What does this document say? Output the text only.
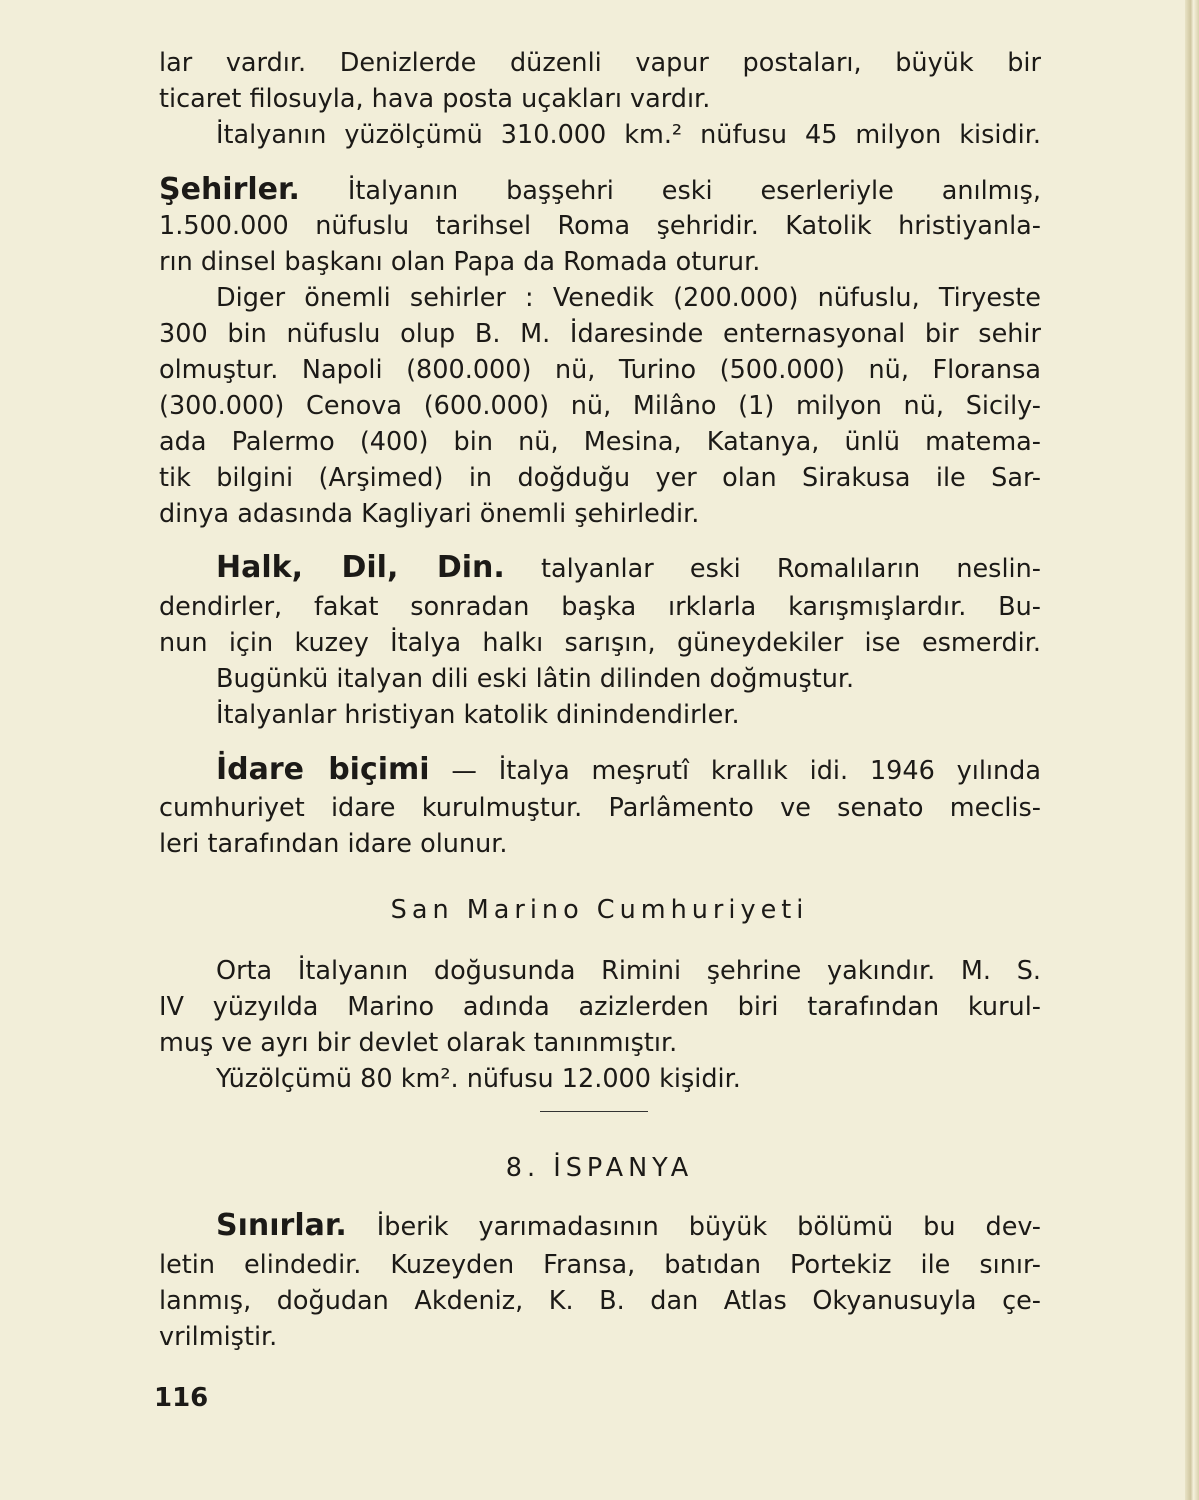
lar vardır. Denizlerde düzenli vapur postaları, büyük bir
ticaret filosuyla, hava posta uçakları vardır.
İtalyanın yüzölçümü 310.000 km.² nüfusu 45 milyon kisidir.
Şehirler. İtalyanın başşehri eski eserleriyle anılmış,
1.500.000 nüfuslu tarihsel Roma şehridir. Katolik hristiyanla-
rın dinsel başkanı olan Papa da Romada oturur.
Diger önemli sehirler : Venedik (200.000) nüfuslu, Tiryeste
300 bin nüfuslu olup B. M. İdaresinde enternasyonal bir sehir
olmuştur. Napoli (800.000) nü, Turino (500.000) nü, Floransa
(300.000) Cenova (600.000) nü, Milâno (1) milyon nü, Sicily-
ada Palermo (400) bin nü, Mesina, Katanya, ünlü matema-
tik bilgini (Arşimed) in doğduğu yer olan Sirakusa ile Sar-
dinya adasında Kagliyari önemli şehirledir.
Halk, Dil, Din. talyanlar eski Romalıların neslin-
dendirler, fakat sonradan başka ırklarla karışmışlardır. Bu-
nun için kuzey İtalya halkı sarışın, güneydekiler ise esmerdir.
Bugünkü italyan dili eski lâtin dilinden doğmuştur.
İtalyanlar hristiyan katolik dinindendirler.
İdare biçimi — İtalya meşrutî krallık idi. 1946 yılında
cumhuriyet idare kurulmuştur. Parlâmento ve senato meclis-
leri tarafından idare olunur.
San Marino Cumhuriyeti
Orta İtalyanın doğusunda Rimini şehrine yakındır. M. S.
IV yüzyılda Marino adında azizlerden biri tarafından kurul-
muş ve ayrı bir devlet olarak tanınmıştır.
Yüzölçümü 80 km². nüfusu 12.000 kişidir.
8. İSPANYA
Sınırlar. İberik yarımadasının büyük bölümü bu dev-
letin elindedir. Kuzeyden Fransa, batıdan Portekiz ile sınır-
lanmış, doğudan Akdeniz, K. B. dan Atlas Okyanusuyla çe-
vrilmiştir.
116
